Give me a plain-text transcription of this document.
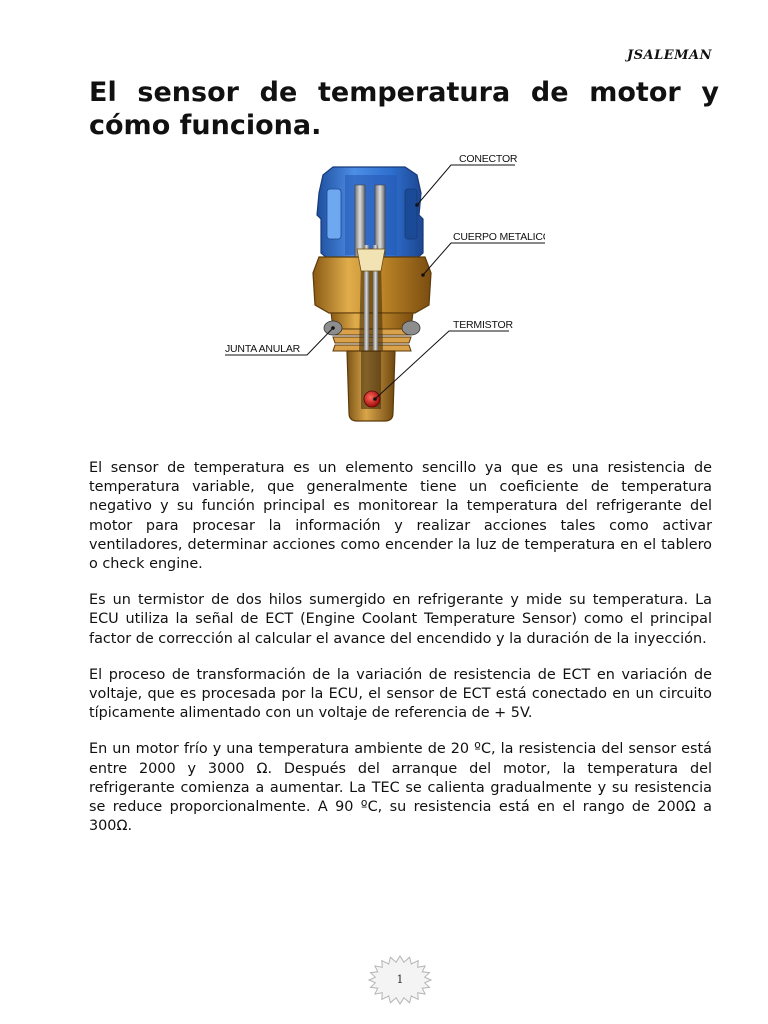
JSALEMAN
El sensor de temperatura de motor y cómo funciona.
CONECTOR
CUERPO METALICO
TERMISTOR
JUNTA ANULAR

El sensor de temperatura es un elemento sencillo ya que es una resistencia de temperatura variable, que generalmente tiene un coeficiente de temperatura negativo y su función principal es monitorear la temperatura del refrigerante del motor para procesar la información y realizar acciones tales como activar ventiladores, determinar acciones como encender la luz de temperatura en el tablero o check engine.

Es un termistor de dos hilos sumergido en refrigerante y mide su temperatura. La ECU utiliza la señal de ECT (Engine Coolant Temperature Sensor) como el principal factor de corrección al calcular el avance del encendido y la duración de la inyección.

El proceso de transformación de la variación de resistencia de ECT en variación de voltaje, que es procesada por la ECU, el sensor de ECT está conectado en un circuito típicamente alimentado con un voltaje de referencia de + 5V.

En un motor frío y una temperatura ambiente de 20 ºC, la resistencia del sensor está entre 2000 y 3000 Ω. Después del arranque del motor, la temperatura del refrigerante comienza a aumentar. La TEC se calienta gradualmente y su resistencia se reduce proporcionalmente. A 90 ºC, su resistencia está en el rango de 200Ω a 300Ω.

1
